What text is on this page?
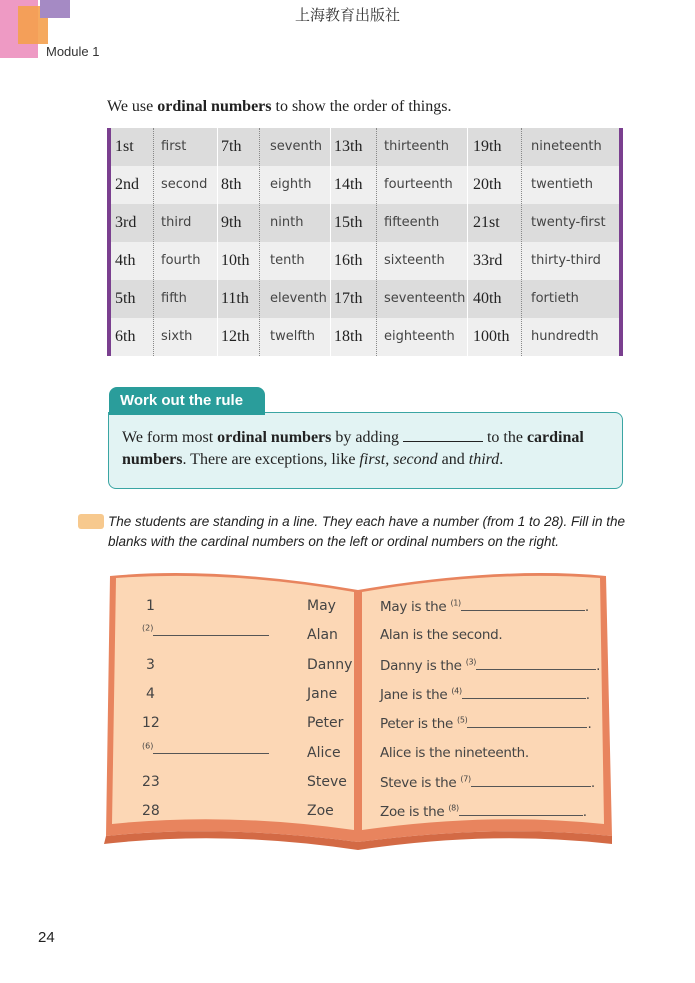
上海教育出版社
Module 1
We use ordinal numbers to show the order of things.
1st first 7th seventh 13th thirteenth 19th nineteenth
2nd second 8th eighth 14th fourteenth 20th twentieth
3rd third 9th ninth 15th fifteenth 21st twenty-first
4th fourth 10th tenth 16th sixteenth 33rd thirty-third
5th fifth 11th eleventh 17th seventeenth 40th fortieth
6th sixth 12th twelfth 18th eighteenth 100th hundredth
Work out the rule
We form most ordinal numbers by adding	to the cardinal numbers. There are exceptions, like first, second and third.
The students are standing in a line. They each have a number (from 1 to 28). Fill in the blanks with the cardinal numbers on the left or ordinal numbers on the right.
1	May	May is the $^{(1)}$	.
$^{(2)}$	Alan	Alan is the second.
3	Danny Danny is the $^{(3)}$	.
4	Jane	Jane is the $^{(4)}$	.
12	Peter	Peter is the $^{(5)}$	.
$^{(6)}$	Alice	Alice is the nineteenth.
23	Steve Steve is the $^{(7)}$	.
28	Zoe	Zoe is the $^{(8)}$	.
24
